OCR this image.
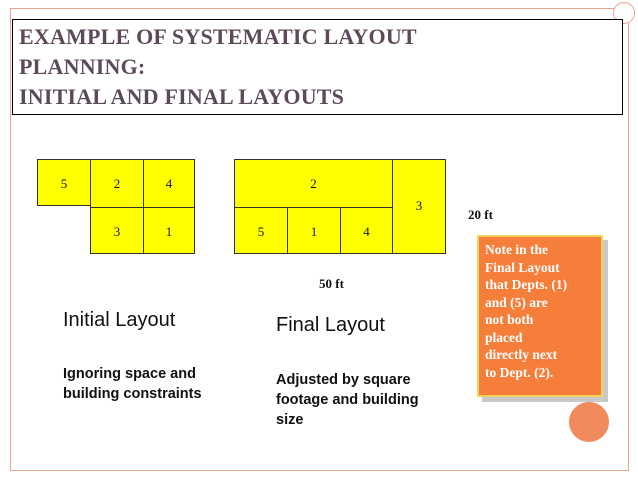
EXAMPLE OF SYSTEMATIC LAYOUT
PLANNING:
INITIAL AND FINAL LAYOUTS
5	2	4
3	1
2
3
5	1	4
20 ft
50 ft
Initial Layout	Final Layout
Ignoring space and
building constraints
Adjusted by square
footage and building
size
Note in the
Final Layout
that Depts. (1)
and (5) are
not both
placed
directly next
to Dept. (2).
